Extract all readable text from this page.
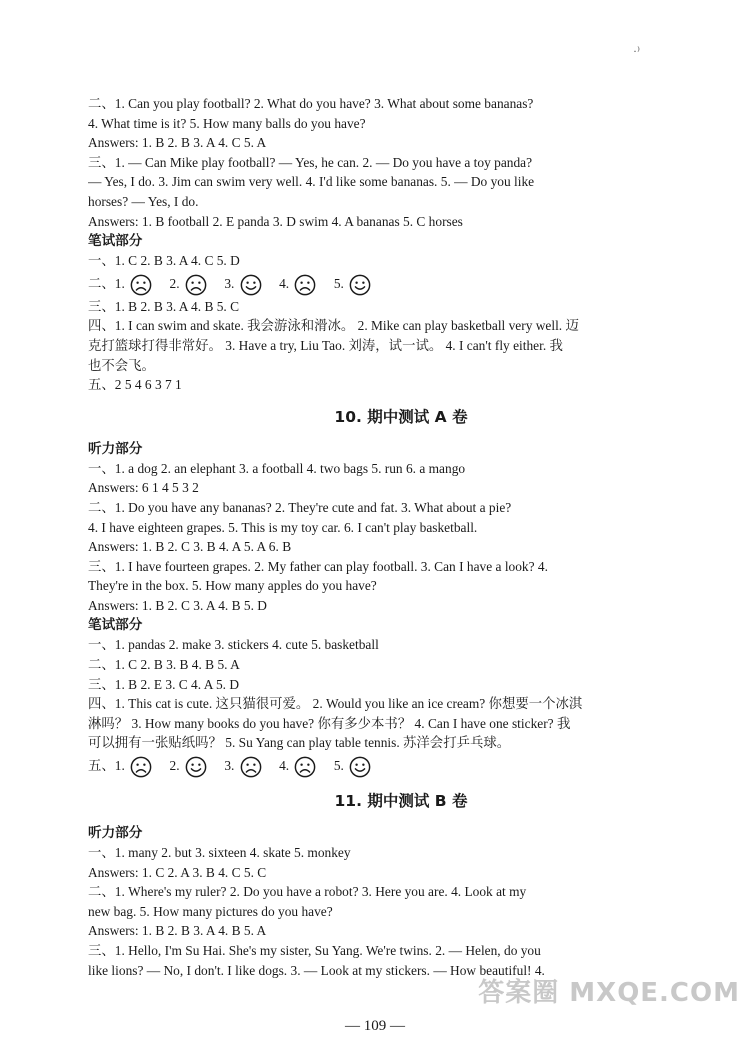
·⁾
二、1. Can you play football? 2. What do you have? 3. What about some bananas?
4. What time is it? 5. How many balls do you have?
Answers: 1. B 2. B 3. A 4. C 5. A
三、1. — Can Mike play football? — Yes, he can. 2. — Do you have a toy panda?
— Yes, I do. 3. Jim can swim very well. 4. I'd like some bananas. 5. — Do you like
horses? — Yes, I do.
Answers: 1. B football 2. E panda 3. D swim 4. A bananas 5. C horses
笔试部分
一、1. C 2. B 3. A 4. C 5. D
二、1.	2.	3.	4.	5.
三、1. B 2. B 3. A 4. B 5. C
四、1. I can swim and skate. 我会游泳和滑冰。 2. Mike can play basketball very well. 迈
克打篮球打得非常好。 3. Have a try, Liu Tao. 刘涛，试一试。 4. I can't fly either. 我
也不会飞。
五、2 5 4 6 3 7 1
10. 期中测试 A 卷
听力部分
一、1. a dog 2. an elephant 3. a football 4. two bags 5. run 6. a mango
Answers: 6 1 4 5 3 2
二、1. Do you have any bananas? 2. They're cute and fat. 3. What about a pie?
4. I have eighteen grapes. 5. This is my toy car. 6. I can't play basketball.
Answers: 1. B 2. C 3. B 4. A 5. A 6. B
三、1. I have fourteen grapes. 2. My father can play football. 3. Can I have a look? 4.
They're in the box. 5. How many apples do you have?
Answers: 1. B 2. C 3. A 4. B 5. D
笔试部分
一、1. pandas 2. make 3. stickers 4. cute 5. basketball
二、1. C 2. B 3. B 4. B 5. A
三、1. B 2. E 3. C 4. A 5. D
四、1. This cat is cute. 这只猫很可爱。 2. Would you like an ice cream? 你想要一个冰淇
淋吗？ 3. How many books do you have? 你有多少本书？ 4. Can I have one sticker? 我
可以拥有一张贴纸吗？ 5. Su Yang can play table tennis. 苏洋会打乒乓球。
五、1.	2.	3.	4.	5.
11. 期中测试 B 卷
听力部分
一、1. many 2. but 3. sixteen 4. skate 5. monkey
Answers: 1. C 2. A 3. B 4. C 5. C
二、1. Where's my ruler? 2. Do you have a robot? 3. Here you are. 4. Look at my
new bag. 5. How many pictures do you have?
Answers: 1. B 2. B 3. A 4. B 5. A
三、1. Hello, I'm Su Hai. She's my sister, Su Yang. We're twins. 2. — Helen, do you
like lions? — No, I don't. I like dogs. 3. — Look at my stickers. — How beautiful! 4.
— 109 —
答案圈 MXQE.COM
